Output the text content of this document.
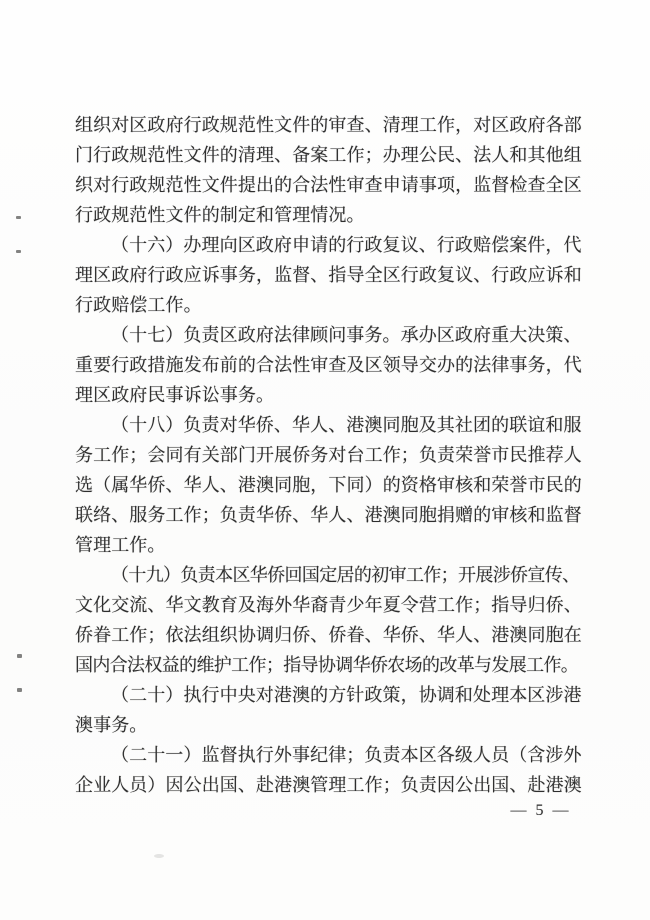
组织对区政府行政规范性文件的审查、清理工作，对区政府各部
门行政规范性文件的清理、备案工作；办理公民、法人和其他组
织对行政规范性文件提出的合法性审查申请事项，监督检查全区
行政规范性文件的制定和管理情况。

（十六）办理向区政府申请的行政复议、行政赔偿案件，代
理区政府行政应诉事务，监督、指导全区行政复议、行政应诉和
行政赔偿工作。

（十七）负责区政府法律顾问事务。承办区政府重大决策、
重要行政措施发布前的合法性审查及区领导交办的法律事务，代
理区政府民事诉讼事务。

（十八）负责对华侨、华人、港澳同胞及其社团的联谊和服
务工作；会同有关部门开展侨务对台工作；负责荣誉市民推荐人
选（属华侨、华人、港澳同胞，下同）的资格审核和荣誉市民的
联络、服务工作；负责华侨、华人、港澳同胞捐赠的审核和监督
管理工作。

（十九）负责本区华侨回国定居的初审工作；开展涉侨宣传、
文化交流、华文教育及海外华裔青少年夏令营工作；指导归侨、
侨眷工作；依法组织协调归侨、侨眷、华侨、华人、港澳同胞在
国内合法权益的维护工作；指导协调华侨农场的改革与发展工作。

（二十）执行中央对港澳的方针政策，协调和处理本区涉港
澳事务。

（二十一）监督执行外事纪律；负责本区各级人员（含涉外
企业人员）因公出国、赴港澳管理工作；负责因公出国、赴港澳

— 5 —
